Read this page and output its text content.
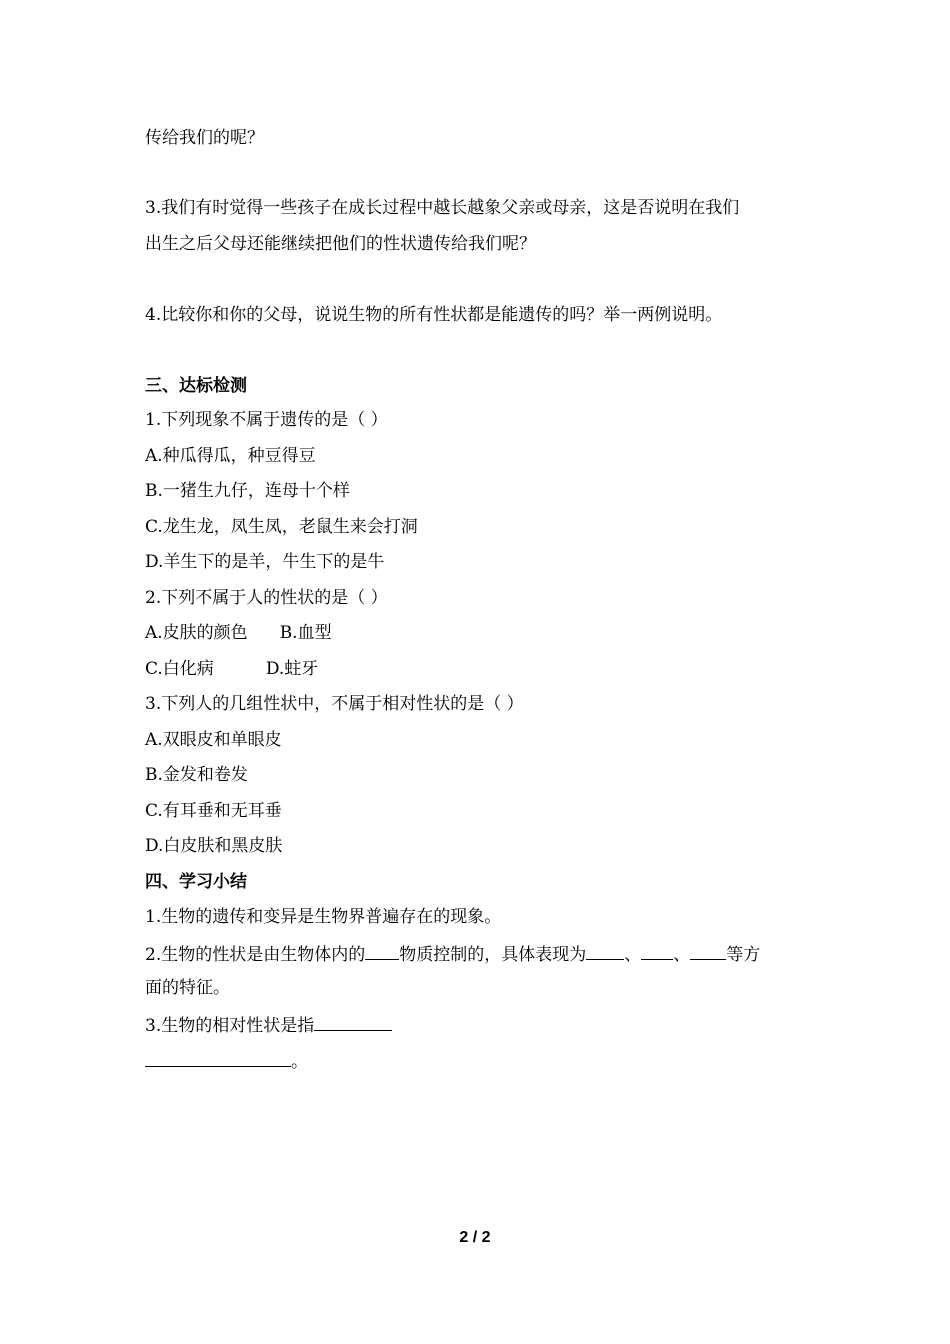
传给我们的呢？
3.我们有时觉得一些孩子在成长过程中越长越象父亲或母亲，这是否说明在我们
出生之后父母还能继续把他们的性状遗传给我们呢？
4.比较你和你的父母，说说生物的所有性状都是能遗传的吗？举一两例说明。
三、达标检测
1.下列现象不属于遗传的是（ ）
A.种瓜得瓜，种豆得豆
B.一猪生九仔，连母十个样
C.龙生龙，凤生凤，老鼠生来会打洞
D.羊生下的是羊，牛生下的是牛
2.下列不属于人的性状的是（ ）
A.皮肤的颜色 B.血型
C.白化病	D.蛀牙
3.下列人的几组性状中，不属于相对性状的是（ ）
A.双眼皮和单眼皮
B.金发和卷发
C.有耳垂和无耳垂
D.白皮肤和黑皮肤
四、学习小结
1.生物的遗传和变异是生物界普遍存在的现象。
2.生物的性状是由生物体内的 物质控制的，具体表现为 、 、 等方
面的特征。
3.生物的相对性状是指
。
2 / 2
